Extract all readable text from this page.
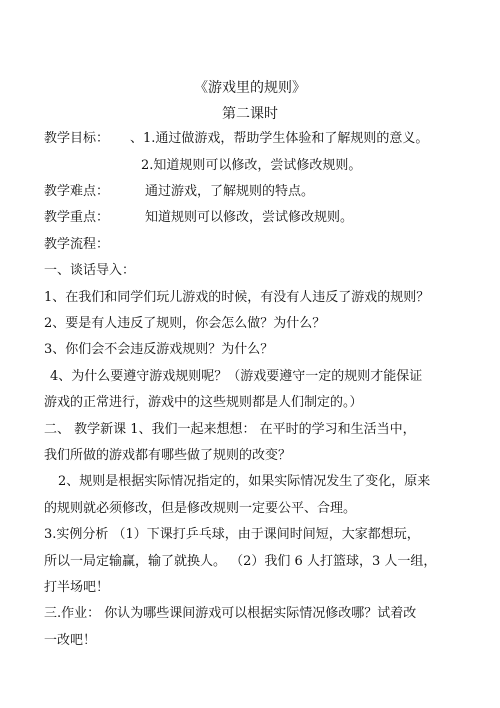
《游戏里的规则》
第二课时
教学目标： 、1.通过做游戏，帮助学生体验和了解规则的意义。
2.知道规则可以修改，尝试修改规则。
教学难点：	通过游戏，了解规则的特点。
教学重点：	知道规则可以修改，尝试修改规则。
教学流程：
一、谈话导入：
1、在我们和同学们玩儿游戏的时候，有没有人违反了游戏的规则？
2、要是有人违反了规则，你会怎么做？为什么？
3、你们会不会违反游戏规则？为什么？
4、为什么要遵守游戏规则呢？（游戏要遵守一定的规则才能保证
游戏的正常进行，游戏中的这些规则都是人们制定的。）
二、 教学新课 1、我们一起来想想： 在平时的学习和生活当中，
我们所做的游戏都有哪些做了规则的改变？
2、规则是根据实际情况指定的，如果实际情况发生了变化，原来
的规则就必须修改，但是修改规则一定要公平、合理。
3.实例分析 （1）下课打乒乓球，由于课间时间短，大家都想玩，
所以一局定输赢，输了就换人。 （2）我们 6 人打篮球，3 人一组，
打半场吧！
三.作业： 你认为哪些课间游戏可以根据实际情况修改哪？试着改
一改吧！
